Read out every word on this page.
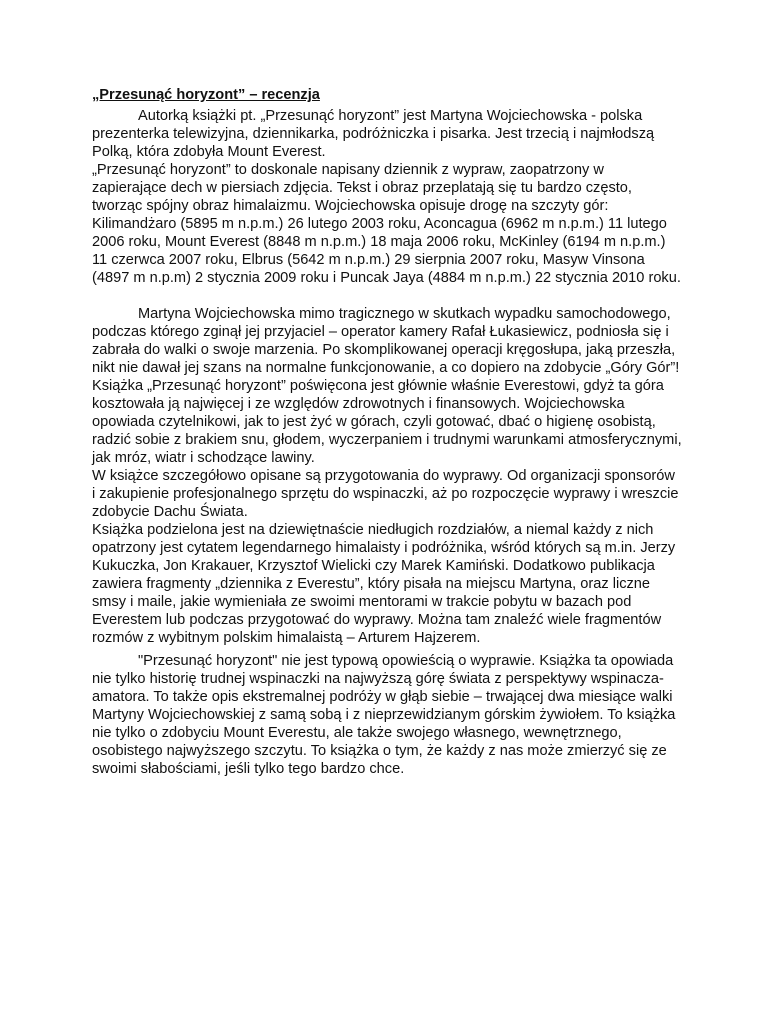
„Przesunąć horyzont” – recenzja

Autorką książki pt. „Przesunąć horyzont” jest Martyna Wojciechowska - polska prezenterka telewizyjna, dziennikarka, podróżniczka i pisarka. Jest trzecią i najmłodszą Polką, która zdobyła Mount Everest.

„Przesunąć horyzont” to doskonale napisany dziennik z wypraw, zaopatrzony w zapierające dech w piersiach zdjęcia. Tekst i obraz przeplatają się tu bardzo często, tworząc spójny obraz himalaizmu. Wojciechowska opisuje drogę na szczyty gór: Kilimandżaro (5895 m n.p.m.) 26 lutego 2003 roku, Aconcagua (6962 m n.p.m.) 11 lutego 2006 roku, Mount Everest (8848 m n.p.m.) 18 maja 2006 roku, McKinley (6194 m n.p.m.) 11 czerwca 2007 roku, Elbrus (5642 m n.p.m.) 29 sierpnia 2007 roku, Masyw Vinsona (4897 m n.p.m) 2 stycznia 2009 roku i Puncak Jaya (4884 m n.p.m.) 22 stycznia 2010 roku.

Martyna Wojciechowska mimo tragicznego w skutkach wypadku samochodowego, podczas którego zginął jej przyjaciel – operator kamery Rafał Łukasiewicz, podniosła się i zabrała do walki o swoje marzenia. Po skomplikowanej operacji kręgosłupa, jaką przeszła, nikt nie dawał jej szans na normalne funkcjonowanie, a co dopiero na zdobycie „Góry Gór”! Książka „Przesunąć horyzont” poświęcona jest głównie właśnie Everestowi, gdyż ta góra kosztowała ją najwięcej i ze względów zdrowotnych i finansowych. Wojciechowska opowiada czytelnikowi, jak to jest żyć w górach, czyli gotować, dbać o higienę osobistą, radzić sobie z brakiem snu, głodem, wyczerpaniem i trudnymi warunkami atmosferycznymi, jak mróz, wiatr i schodzące lawiny.

W książce szczegółowo opisane są przygotowania do wyprawy. Od organizacji sponsorów i zakupienie profesjonalnego sprzętu do wspinaczki, aż po rozpoczęcie wyprawy i wreszcie zdobycie Dachu Świata.

Książka podzielona jest na dziewiętnaście niedługich rozdziałów, a niemal każdy z nich opatrzony jest cytatem legendarnego himalaisty i podróżnika, wśród których są m.in. Jerzy Kukuczka, Jon Krakauer, Krzysztof Wielicki czy Marek Kamiński. Dodatkowo publikacja zawiera fragmenty „dziennika z Everestu”, który pisała na miejscu Martyna, oraz liczne smsy i maile, jakie wymieniała ze swoimi mentorami w trakcie pobytu w bazach pod Everestem lub podczas przygotować do wyprawy. Można tam znaleźć wiele fragmentów rozmów z wybitnym polskim himalaistą – Arturem Hajzerem.

"Przesunąć horyzont" nie jest typową opowieścią o wyprawie. Książka ta opowiada nie tylko historię trudnej wspinaczki na najwyższą górę świata z perspektywy wspinacza-amatora. To także opis ekstremalnej podróży w głąb siebie – trwającej dwa miesiące walki Martyny Wojciechowskiej z samą sobą i z nieprzewidzianym górskim żywiołem. To książka nie tylko o zdobyciu Mount Everestu, ale także swojego własnego, wewnętrznego, osobistego najwyższego szczytu. To książka o tym, że każdy z nas może zmierzyć się ze swoimi słabościami, jeśli tylko tego bardzo chce.
